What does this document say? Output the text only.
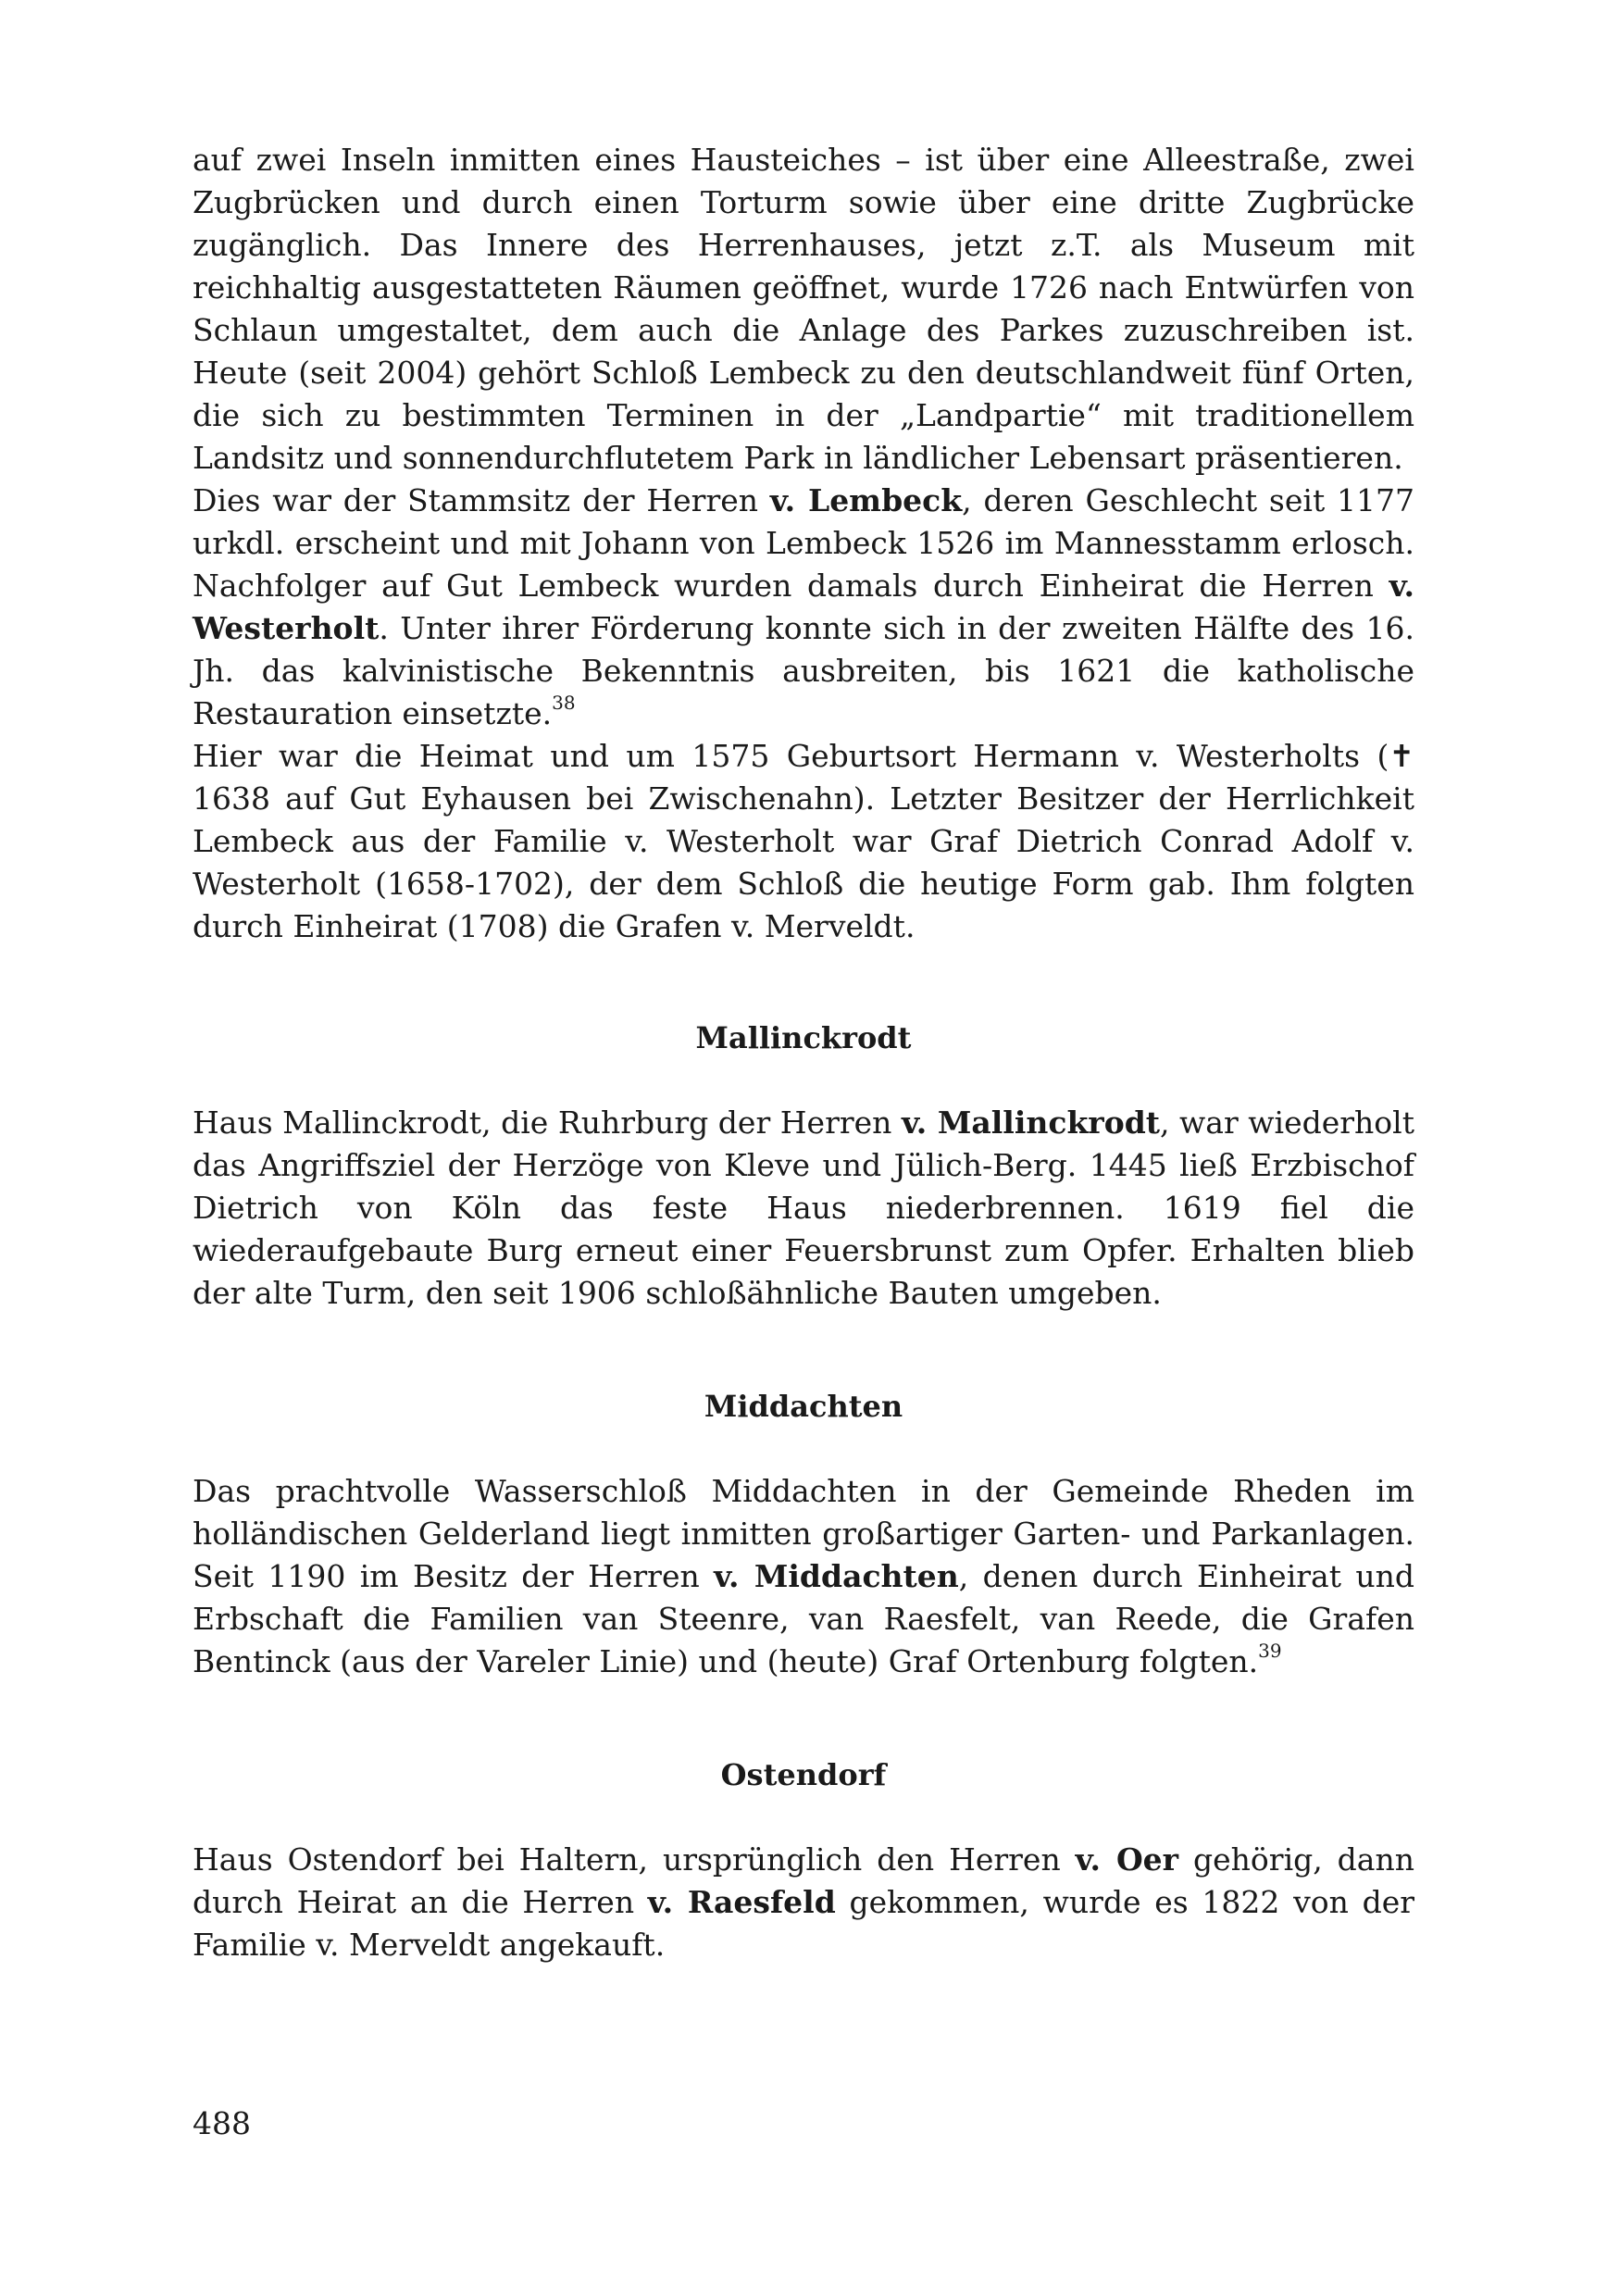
auf zwei Inseln inmitten eines Hausteiches – ist über eine Alleestraße, zwei Zugbrücken und durch einen Torturm sowie über eine dritte Zugbrücke zugänglich. Das Innere des Herrenhauses, jetzt z.T. als Museum mit reichhaltig ausgestatteten Räumen geöffnet, wurde 1726 nach Entwürfen von Schlaun umgestaltet, dem auch die Anlage des Parkes zuzuschreiben ist. Heute (seit 2004) gehört Schloß Lembeck zu den deutschlandweit fünf Orten, die sich zu bestimmten Terminen in der „Landpartie“ mit traditionellem Landsitz und sonnendurchflutetem Park in ländlicher Lebensart präsentieren.

Dies war der Stammsitz der Herren v. Lembeck, deren Geschlecht seit 1177 urkdl. erscheint und mit Johann von Lembeck 1526 im Mannesstamm erlosch. Nachfolger auf Gut Lembeck wurden damals durch Einheirat die Herren v. Westerholt. Unter ihrer Förderung konnte sich in der zweiten Hälfte des 16. Jh. das kalvinistische Bekenntnis ausbreiten, bis 1621 die katholische Restauration einsetzte.$^{38}$

Hier war die Heimat und um 1575 Geburtsort Hermann v. Westerholts (✝ 1638 auf Gut Eyhausen bei Zwischenahn). Letzter Besitzer der Herrlichkeit Lembeck aus der Familie v. Westerholt war Graf Dietrich Conrad Adolf v. Westerholt (1658-1702), der dem Schloß die heutige Form gab. Ihm folgten durch Einheirat (1708) die Grafen v. Merveldt.

Mallinckrodt

Haus Mallinckrodt, die Ruhrburg der Herren v. Mallinckrodt, war wiederholt das Angriffsziel der Herzöge von Kleve und Jülich-Berg. 1445 ließ Erzbischof Dietrich von Köln das feste Haus niederbrennen. 1619 fiel die wiederaufgebaute Burg erneut einer Feuersbrunst zum Opfer. Erhalten blieb der alte Turm, den seit 1906 schloßähnliche Bauten umgeben.

Middachten

Das prachtvolle Wasserschloß Middachten in der Gemeinde Rheden im holländischen Gelderland liegt inmitten großartiger Garten- und Parkanlagen. Seit 1190 im Besitz der Herren v. Middachten, denen durch Einheirat und Erbschaft die Familien van Steenre, van Raesfelt, van Reede, die Grafen Bentinck (aus der Vareler Linie) und (heute) Graf Ortenburg folgten.$^{39}$

Ostendorf

Haus Ostendorf bei Haltern, ursprünglich den Herren v. Oer gehörig, dann durch Heirat an die Herren v. Raesfeld gekommen, wurde es 1822 von der Familie v. Merveldt angekauft.

488
